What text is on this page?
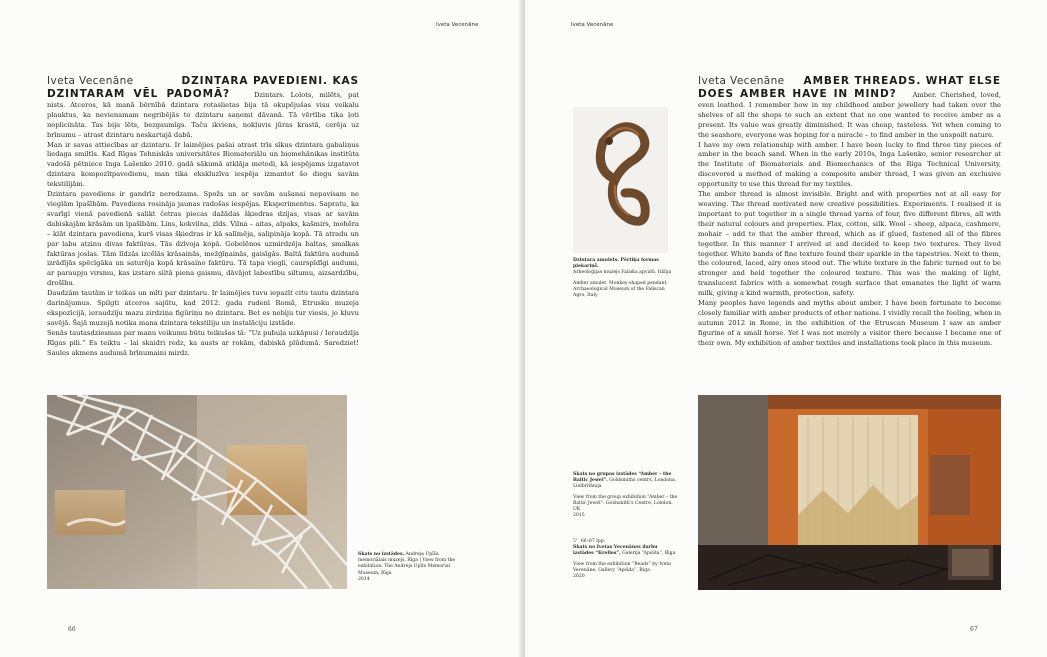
Iveta Vecenāne	DZINTARA PAVEDIENI. KAS

DZINTARAM VĒL PADOMĀ?	Dzintars. Lolots, milēts, pat nists. Atceros, kā manā bērnībā dzintara rotaslietas bija tā okupējušas visu veikalu plauktus, ka nevienamam negribējās to dzintaru saņemt dāvanā. Tā vērtība tika ļoti noplicināta. Tas bija lēts, bezgaumīgs. Taču ikviens, nokļuvis jūras krastā, cerēja uz brīnumu – atrast dzintaru neskartajā dabā.

Man ir savas attiecības ar dzintaru. Ir laimējies pašai atrast trīs sīkus dzintara gabaliņus liedaga smiltīs. Kad Rīgas Tehniskās universitātes Biomateriālu un biomehānikas institūta vadošā pētniece Inga Lašenko 2010. gadā sākumā atklāja metodi, kā iespējams izgatavot dzintara kompozītpavedienu, man tika ekskluzīva iespēja izmantot šo diegu savām tekstilijām.

Dzintara pavediens ir gandrīz neredzams. Spožs un ar savām aušanai nepavisam ne vieglām īpašībām. Pavediens rosināja jaunas radošas iespējas. Eksperimentus. Sapratu, ka svarīgi vienā pavedienā salikt četras piecas dažādas šķiedras dzijas, visas ar savām dabiskajām krāsām un īpašībām. Lins, kokvilna, zīds. Vilna – aitas, alpaks, kašmirs, mohēra – klāt dzintara pavediens, kurš visas šķiedras ir kā salīmēja, salipināja kopā. Tā atradu un par labu atzinu divas faktūras. Tās dzīvoja kopā. Gobelēnos uzmirdzēja baltas, smalkas faktūras joslas. Tām līdzās izcēlās krāsainās, mežģīņainās, gaisīgās. Baltā faktūra audumā izrādījās spēcīgāka un saturēja kopā krāsaino faktūru. Tā tapa viegli, caurspīdīgi audumi, ar paraupju virsmu, kas izstaro siltā piena gaismu, dāvājot labestību siltumu, aizsardzību, drošību.

Daudzām tautām ir teikas un mīti par dzintaru. Ir laimējies tuvu iepazīt citu tautu dzintara darinājumus. Spilgti atceros sajūtu, kad 2012. gada rudenī Romā, Etrusku muzeja ekspozīcijā, ieraudzīju mazu zirdziņa figūriņu no dzintara. Bet es nebiju tur viesis, jo kļuvu savējā. Šajā muzejā notika mana dzintara tekstiliju un instalāciju izstāde.

Senās tautasdziesmas par manu veikumu būtu teikušas tā: “Uz pubuļa uzkāpusi / Ieraudzīja Rīgas pili.” Es teiktu – lai skaidri redz, ka austs ar rokām, dabiskā plūdumā. Saredziet! Saules akmens audumā brīnumaini mirdz.

Skats no izstādes. Andreja Upīša memoriālais muzejs, Rīga | View from the exhibition. The Andrejs Upīts Memorial Museum, Rīga
2014
66
Iveta Vecenāne
Dzintara amulets. Pērtiķa formas piekariņš.
Arheoloģijas muzejs Faliska apvidū, Itālija
Amber amulet. Monkey-shaped pendant. Archaeological Museum of the Faliscan Agro, Italy
Iveta Vecenāne AMBER THREADS. WHAT ELSE

DOES AMBER HAVE IN MIND? Amber. Cherished, loved, even loathed. I remember how in my childhood amber jewellery had taken over the shelves of all the shops to such an extent that no one wanted to receive amber as a present. Its value was greatly diminished. It was cheap, tasteless. Yet when coming to the seashore, everyone was hoping for a miracle – to find amber in the unspoilt nature.

I have my own relationship with amber. I have been lucky to find three tiny pieces of amber in the beach sand. When in the early 2010s, Inga Lašenko, senior researcher at the Institute of Biomaterials and Biomechanics of the Riga Technical University, discovered a method of making a composite amber thread, I was given an exclusive opportunity to use this thread for my textiles.

The amber thread is almost invisible. Bright and with properties not at all easy for weaving. The thread motivated new creative possibilities. Experiments. I realised it is important to put together in a single thread yarns of four, five different fibres, all with their natural colours and properties. Flax, cotton, silk. Wool – sheep, alpaca, cashmere, mohair – add to that the amber thread, which as if glued, fastened all of the fibres together. In this manner I arrived at and decided to keep two textures. They lived together. White bands of fine texture found their sparkle in the tapestries. Next to them, the coloured, laced, airy ones stood out. The white texture in the fabric turned out to be stronger and held together the coloured texture. This was the making of light, translucent fabrics with a somewhat rough surface that emanates the light of warm milk, giving a kind warmth, protection, safety.

Many peoples have legends and myths about amber. I have been fortunate to become closely familiar with amber products of other nations. I vividly recall the feeling, when in autumn 2012 in Rome, in the exhibition of the Etruscan Museum I saw an amber figurine of a small horse. Yet I was not merely a visitor there because I became one of their own. My exhibition of amber textiles and installations took place in this museum.

Skats no grupas izstādes “Amber – the Baltic Jewel”. Goldsmiths centrs, Londona, Lielbritānija
View from the group exhibition “Amber – the Baltic Jewel”. Goldsmith’s Centre, London. UK
2015
▽ 66–67 lpp.
Skats no Ivetas Vecenānes darbu izstādes “Krelles”. Galerija “Apsīda”, Rīga
View from the exhibition “Beads” by Iveta Vecenāne. Gallery “Apsīda”, Riga
2020
67
Iveta Vecenāne
